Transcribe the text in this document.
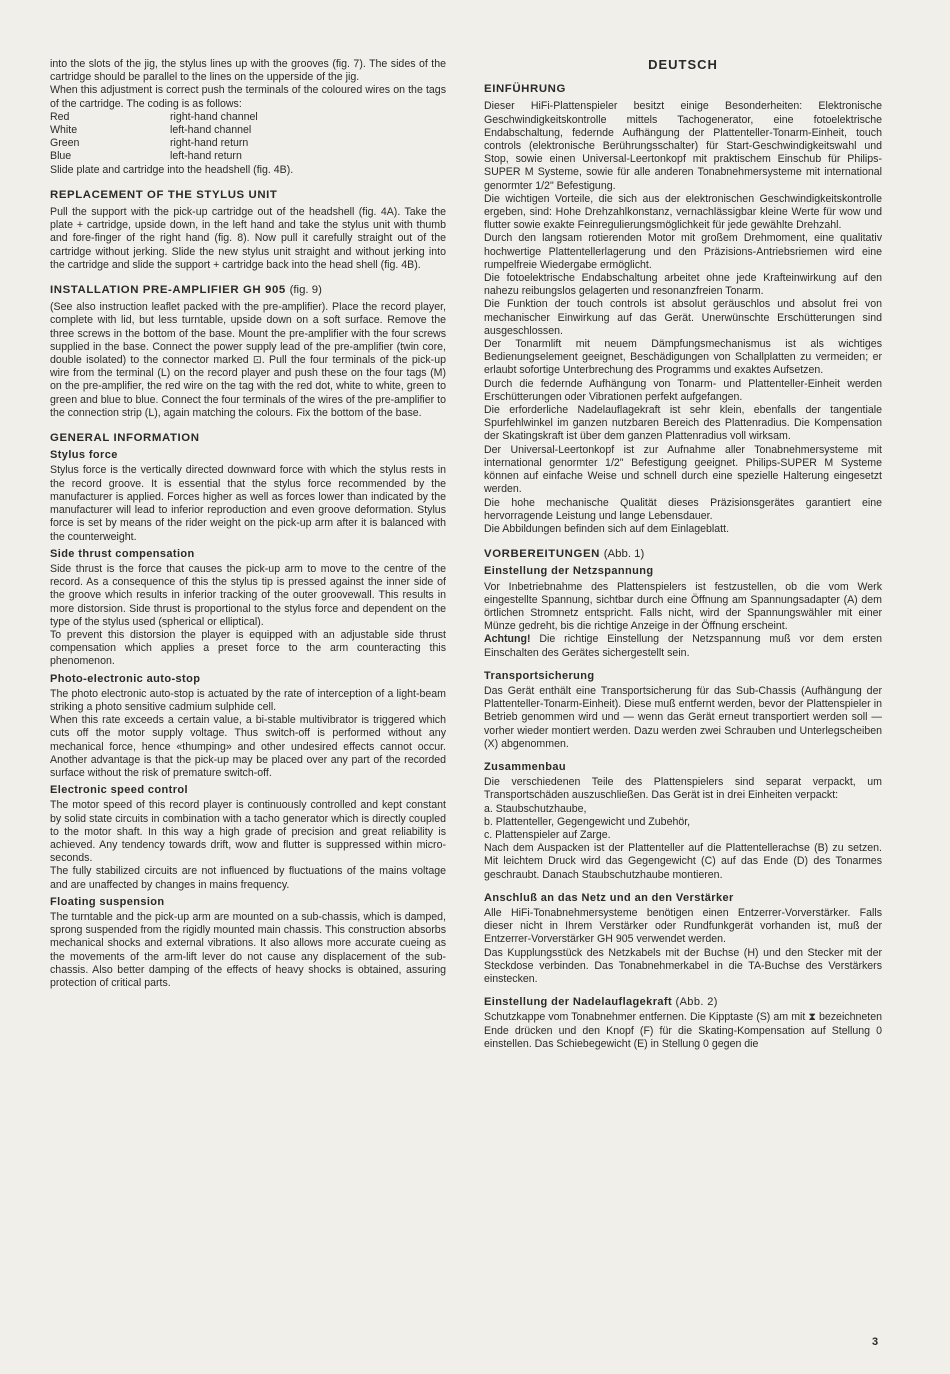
into the slots of the jig, the stylus lines up with the grooves (fig. 7). The sides of the cartridge should be parallel to the lines on the upperside of the jig.

When this adjustment is correct push the terminals of the coloured wires on the tags of the cartridge. The coding is as follows:

Red	right-hand channel
White	left-hand channel
Green	right-hand return
Blue	left-hand return

Slide plate and cartridge into the headshell (fig. 4B).

REPLACEMENT OF THE STYLUS UNIT

Pull the support with the pick-up cartridge out of the headshell (fig. 4A). Take the plate + cartridge, upside down, in the left hand and take the stylus unit with thumb and fore-finger of the right hand (fig. 8). Now pull it carefully straight out of the cartridge without jerking. Slide the new stylus unit straight and without jerking into the cartridge and slide the support + cartridge back into the head shell (fig. 4B).

INSTALLATION PRE-AMPLIFIER GH 905 (fig. 9)

(See also instruction leaflet packed with the pre-amplifier). Place the record player, complete with lid, but less turntable, upside down on a soft surface. Remove the three screws in the bottom of the base. Mount the pre-amplifier with the four screws supplied in the base. Connect the power supply lead of the pre-amplifier (twin core, double isolated) to the connector marked ⊡. Pull the four terminals of the pick-up wire from the terminal (L) on the record player and push these on the four tags (M) on the pre-amplifier, the red wire on the tag with the red dot, white to white, green to green and blue to blue. Connect the four terminals of the wires of the pre-amplifier to the connection strip (L), again matching the colours. Fix the bottom of the base.

GENERAL INFORMATION
Stylus force

Stylus force is the vertically directed downward force with which the stylus rests in the record groove. It is essential that the stylus force recommended by the manufacturer is applied. Forces higher as well as forces lower than indicated by the manufacturer will lead to inferior reproduction and even groove deformation. Stylus force is set by means of the rider weight on the pick-up arm after it is balanced with the counterweight.

Side thrust compensation

Side thrust is the force that causes the pick-up arm to move to the centre of the record. As a consequence of this the stylus tip is pressed against the inner side of the groove which results in inferior tracking of the outer groovewall. This results in more distorsion. Side thrust is proportional to the stylus force and dependent on the type of the stylus used (spherical or elliptical).

To prevent this distorsion the player is equipped with an adjustable side thrust compensation which applies a preset force to the arm counteracting this phenomenon.

Photo-electronic auto-stop

The photo electronic auto-stop is actuated by the rate of interception of a light-beam striking a photo sensitive cadmium sulphide cell.

When this rate exceeds a certain value, a bi-stable multivibrator is triggered which cuts off the motor supply voltage. Thus switch-off is performed without any mechanical force, hence «thumping» and other undesired effects cannot occur. Another advantage is that the pick-up may be placed over any part of the recorded surface without the risk of premature switch-off.

Electronic speed control

The motor speed of this record player is continuously controlled and kept constant by solid state circuits in combination with a tacho generator which is directly coupled to the motor shaft. In this way a high grade of precision and great reliability is achieved. Any tendency towards drift, wow and flutter is suppressed within micro-seconds.

The fully stabilized circuits are not influenced by fluctuations of the mains voltage and are unaffected by changes in mains frequency.

Floating suspension

The turntable and the pick-up arm are mounted on a sub-chassis, which is damped, sprong suspended from the rigidly mounted main chassis. This construction absorbs mechanical shocks and external vibrations. It also allows more accurate cueing as the movements of the arm-lift lever do not cause any displacement of the sub-chassis. Also better damping of the effects of heavy shocks is obtained, assuring protection of critical parts.

DEUTSCH
EINFÜHRUNG

Dieser HiFi-Plattenspieler besitzt einige Besonderheiten: Elektronische Geschwindigkeitskontrolle mittels Tachogenerator, eine fotoelektrische Endabschaltung, federnde Aufhängung der Plattenteller-Tonarm-Einheit, touch controls (elektronische Berührungsschalter) für Start-Geschwindigkeitswahl und Stop, sowie einen Universal-Leertonkopf mit praktischem Einschub für Philips-SUPER M Systeme, sowie für alle anderen Tonabnehmersysteme mit international genormter 1/2" Befestigung.

Die wichtigen Vorteile, die sich aus der elektronischen Geschwindigkeitskontrolle ergeben, sind: Hohe Drehzahlkonstanz, vernachlässigbar kleine Werte für wow und flutter sowie exakte Feinregulierungsmöglichkeit für jede gewählte Drehzahl.

Durch den langsam rotierenden Motor mit großem Drehmoment, eine qualitativ hochwertige Plattentellerlagerung und den Präzisions-Antriebsriemen wird eine rumpelfreie Wiedergabe ermöglicht.

Die fotoelektrische Endabschaltung arbeitet ohne jede Krafteinwirkung auf den nahezu reibungslos gelagerten und resonanzfreien Tonarm.

Die Funktion der touch controls ist absolut geräuschlos und absolut frei von mechanischer Einwirkung auf das Gerät. Unerwünschte Erschütterungen sind ausgeschlossen.

Der Tonarmlift mit neuem Dämpfungsmechanismus ist als wichtiges Bedienungselement geeignet, Beschädigungen von Schallplatten zu vermeiden; er erlaubt sofortige Unterbrechung des Programms und exaktes Aufsetzen.

Durch die federnde Aufhängung von Tonarm- und Plattenteller-Einheit werden Erschütterungen oder Vibrationen perfekt aufgefangen.

Die erforderliche Nadelauflagekraft ist sehr klein, ebenfalls der tangentiale Spurfehlwinkel im ganzen nutzbaren Bereich des Plattenradius. Die Kompensation der Skatingskraft ist über dem ganzen Plattenradius voll wirksam.

Der Universal-Leertonkopf ist zur Aufnahme aller Tonabnehmersysteme mit international genormter 1/2" Befestigung geeignet. Philips-SUPER M Systeme können auf einfache Weise und schnell durch eine spezielle Halterung eingesetzt werden.

Die hohe mechanische Qualität dieses Präzisionsgerätes garantiert eine hervorragende Leistung und lange Lebensdauer.

Die Abbildungen befinden sich auf dem Einlageblatt.

VORBEREITUNGEN (Abb. 1)
Einstellung der Netzspannung

Vor Inbetriebnahme des Plattenspielers ist festzustellen, ob die vom Werk eingestellte Spannung, sichtbar durch eine Öffnung am Spannungsadapter (A) dem örtlichen Stromnetz entspricht. Falls nicht, wird der Spannungswähler mit einer Münze gedreht, bis die richtige Anzeige in der Öffnung erscheint.

Achtung! Die richtige Einstellung der Netzspannung muß vor dem ersten Einschalten des Gerätes sichergestellt sein.

Transportsicherung

Das Gerät enthält eine Transportsicherung für das Sub-Chassis (Aufhängung der Plattenteller-Tonarm-Einheit). Diese muß entfernt werden, bevor der Plattenspieler in Betrieb genommen wird und — wenn das Gerät erneut transportiert werden soll — vorher wieder montiert werden. Dazu werden zwei Schrauben und Unterlegscheiben (X) abgenommen.

Zusammenbau

Die verschiedenen Teile des Plattenspielers sind separat verpackt, um Transportschäden auszuschließen. Das Gerät ist in drei Einheiten verpackt:

a. Staubschutzhaube,

b. Plattenteller, Gegengewicht und Zubehör,

c. Plattenspieler auf Zarge.

Nach dem Auspacken ist der Plattenteller auf die Plattentellerachse (B) zu setzen. Mit leichtem Druck wird das Gegengewicht (C) auf das Ende (D) des Tonarmes geschraubt. Danach Staubschutzhaube montieren.

Anschluß an das Netz und an den Verstärker

Alle HiFi-Tonabnehmersysteme benötigen einen Entzerrer-Vorverstärker. Falls dieser nicht in Ihrem Verstärker oder Rundfunkgerät vorhanden ist, muß der Entzerrer-Vorverstärker GH 905 verwendet werden.

Das Kupplungsstück des Netzkabels mit der Buchse (H) und den Stecker mit der Steckdose verbinden. Das Tonabnehmerkabel in die TA-Buchse des Verstärkers einstecken.

Einstellung der Nadelauflagekraft (Abb. 2)

Schutzkappe vom Tonabnehmer entfernen. Die Kipptaste (S) am mit ⧗ bezeichneten Ende drücken und den Knopf (F) für die Skating-Kompensation auf Stellung 0 einstellen. Das Schiebegewicht (E) in Stellung 0 gegen die

3
